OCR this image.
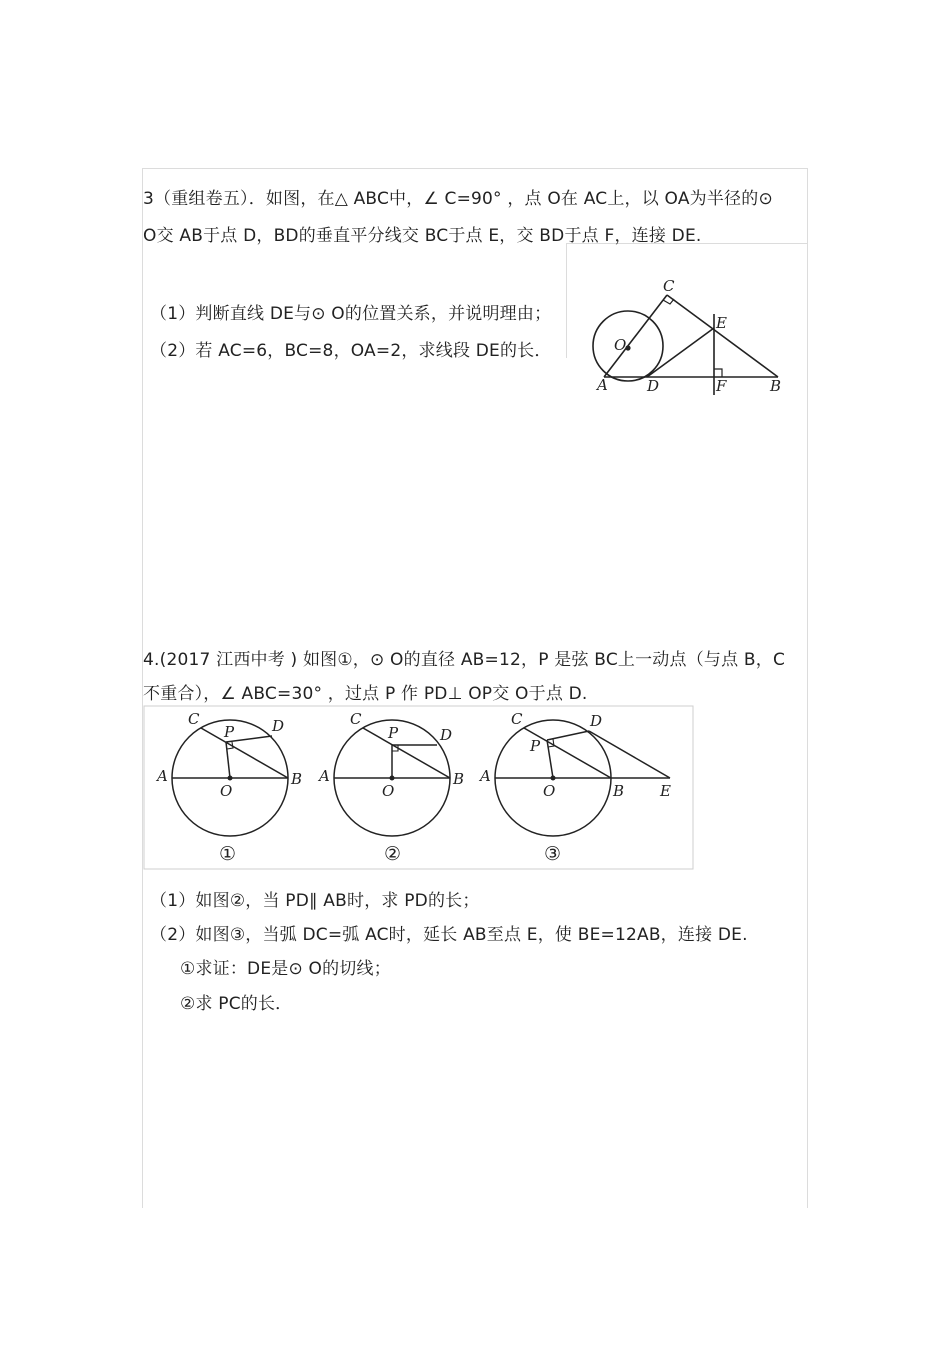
3（重组卷五）．如图，在△ ABC中，∠ C=90° ，点 O在 AC上，以 OA为半径的⊙
O交 AB于点 D，BD的垂直平分线交 BC于点 E，交 BD于点 F，连接 DE.
（1）判断直线 DE与⊙ O的位置关系，并说明理由；
（2）若 AC=6，BC=8，OA=2，求线段 DE的长．
C
E
O
A	D	F	B
4.(2017 江西中考 ) 如图①，⊙ O的直径 AB=12，P 是弦 BC上一动点（与点 B，C
不重合），∠ ABC=30° ，过点 P 作 PD⊥ OP交 O于点 D.
C
P	D
A	B
O
①
C
P	D
A	B
O
②
C	D
P
A
O	B E
③
（1）如图②，当 PD∥ AB时，求 PD的长；
（2）如图③，当弧 DC=弧 AC时，延长 AB至点 E，使 BE=12AB，连接 DE.
①求证：DE是⊙ O的切线；
②求 PC的长．
